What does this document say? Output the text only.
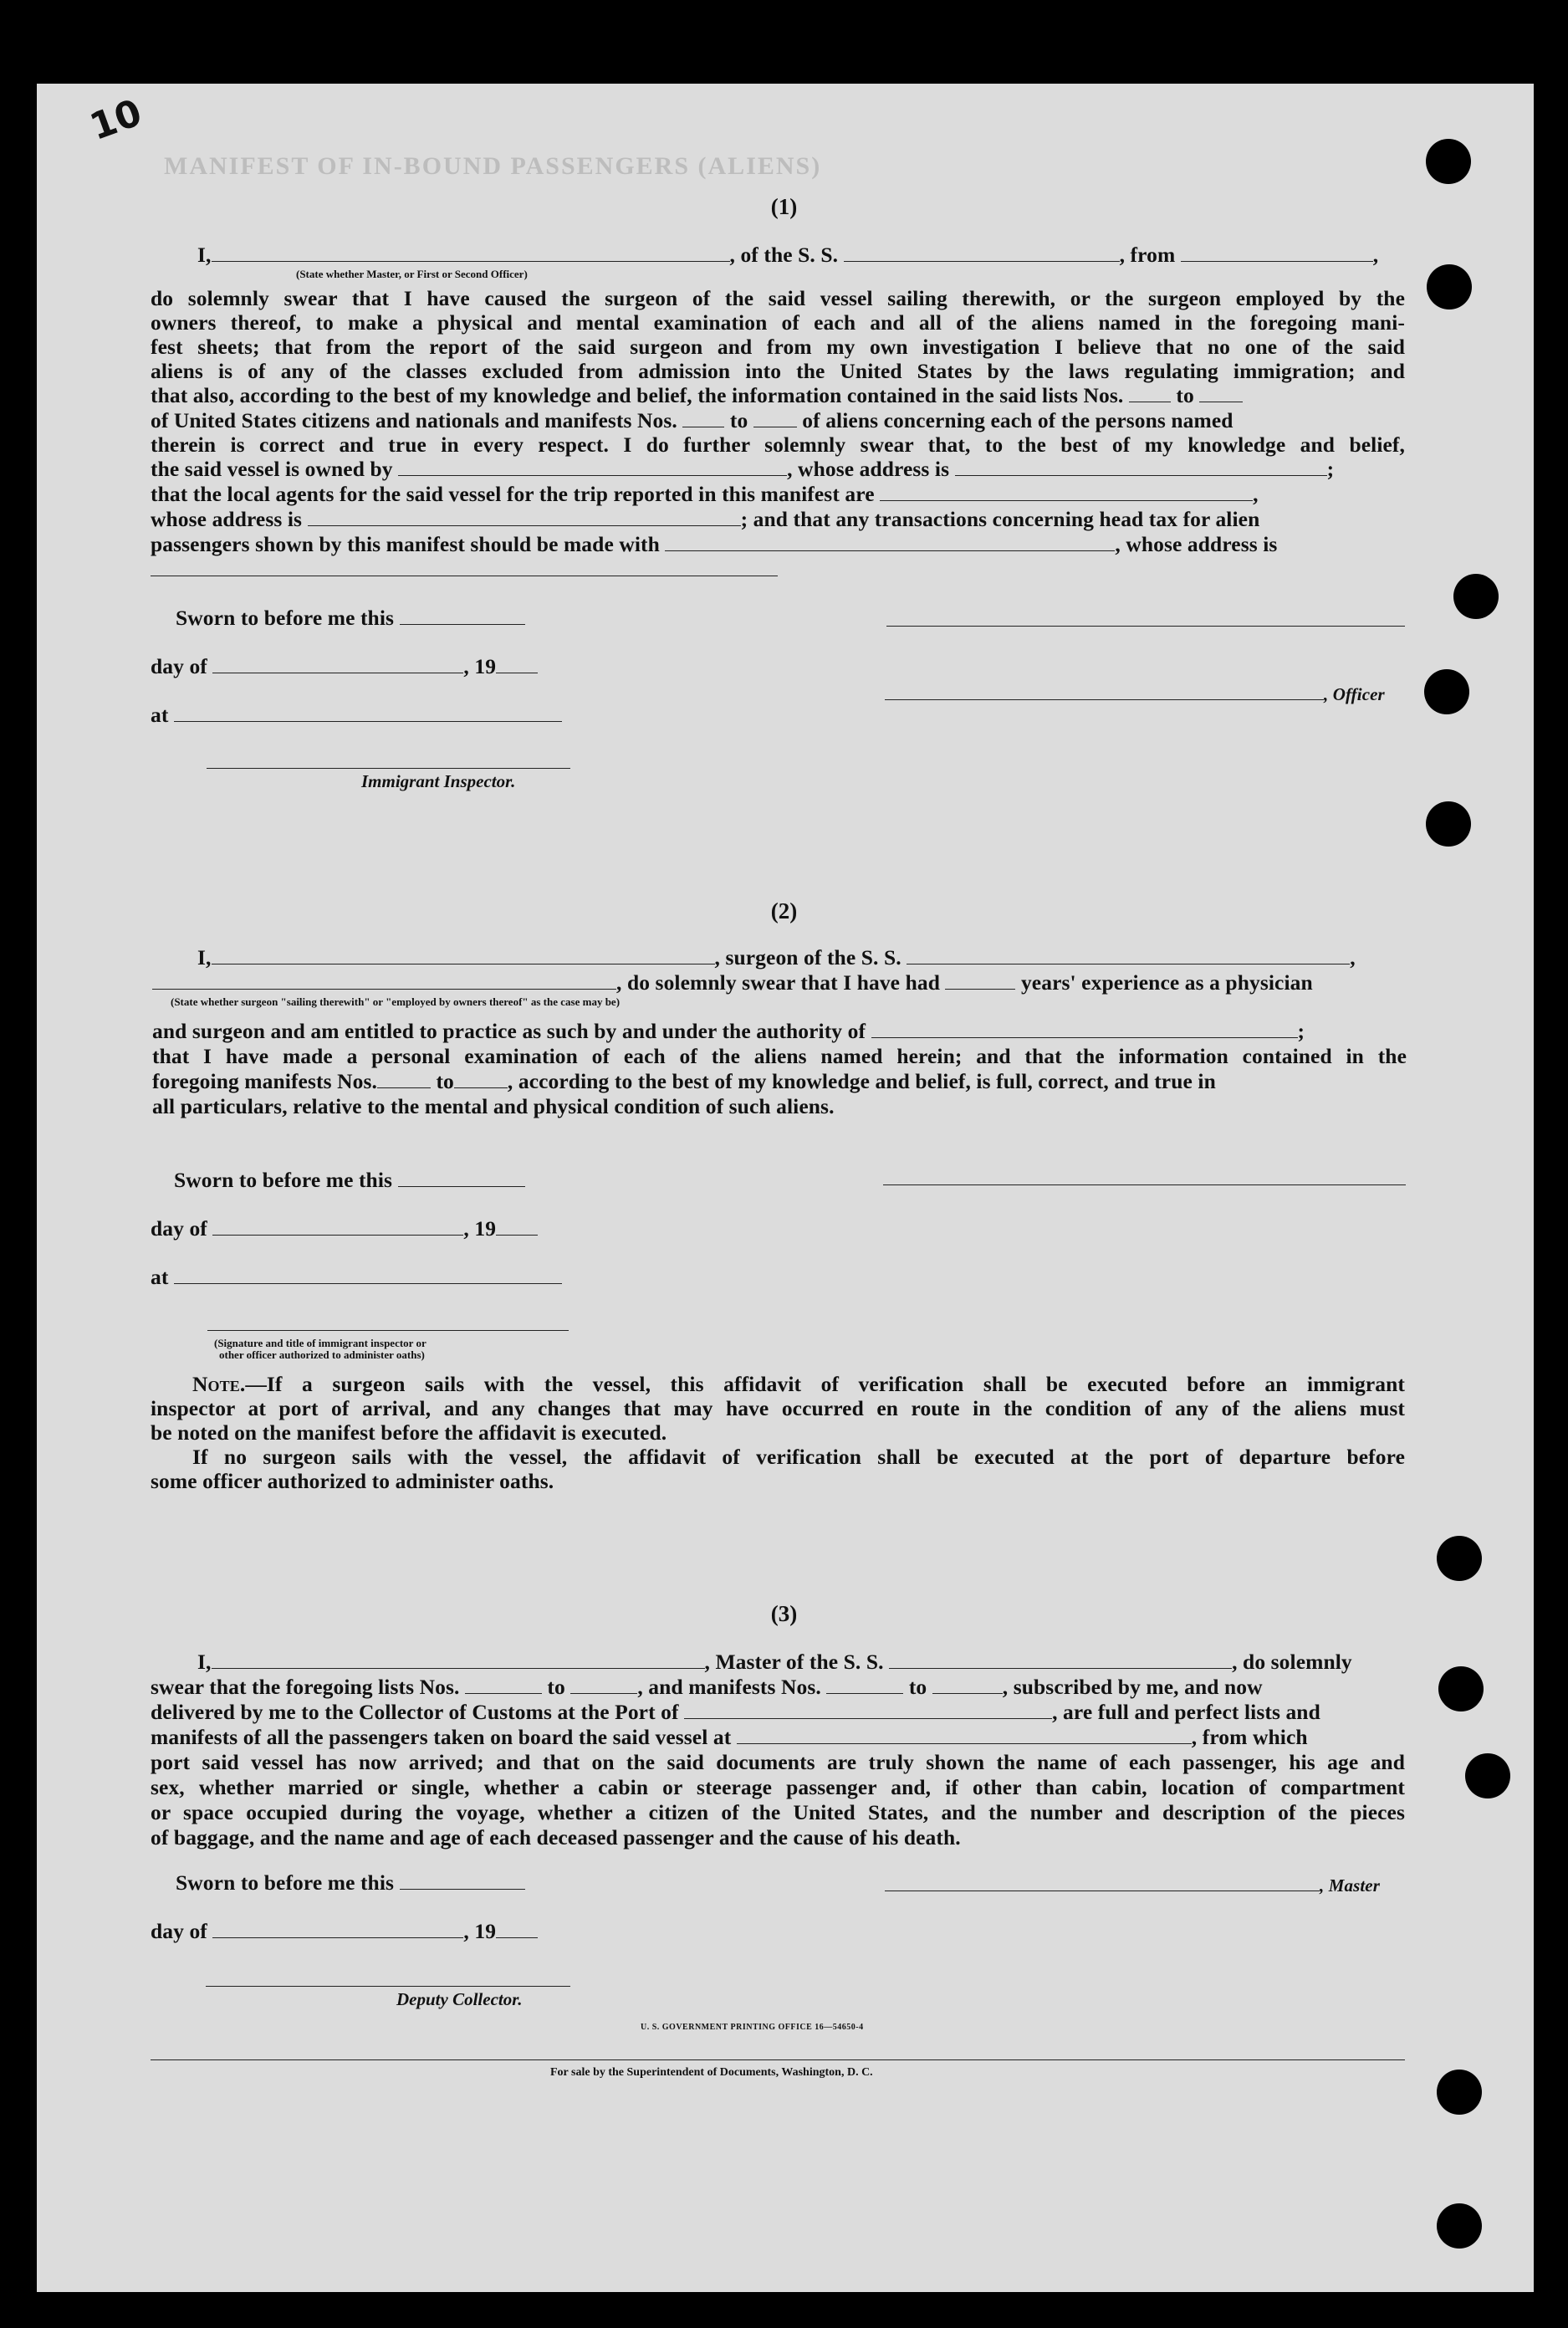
10
MANIFEST OF IN-BOUND PASSENGERS (ALIENS)
(1)
I,	, of the S. S.	, from	,
(State whether Master, or First or Second Officer)
do solemnly swear that I have caused the surgeon of the said vessel sailing therewith, or the surgeon employed by the
owners thereof, to make a physical and mental examination of each and all of the aliens named in the foregoing mani-
fest sheets; that from the report of the said surgeon and from my own investigation I believe that no one of the said
aliens is of any of the classes excluded from admission into the United States by the laws regulating immigration; and
that also, according to the best of my knowledge and belief, the information contained in the said lists Nos. to
of United States citizens and nationals and manifests Nos. to	of aliens concerning each of the persons named
therein is correct and true in every respect. I do further solemnly swear that, to the best of my knowledge and belief,
the said vessel is owned by	, whose address is	;
that the local agents for the said vessel for the trip reported in this manifest are	,
whose address is	; and that any transactions concerning head tax for alien
passengers shown by this manifest should be made with	, whose address is
Sworn to before me this
day of	, 19
, Officer
at
Immigrant Inspector.
(2)
I,	, surgeon of the S. S.	,
, do solemnly swear that I have had	years' experience as a physician
(State whether surgeon "sailing therewith" or "employed by owners thereof" as the case may be)
and surgeon and am entitled to practice as such by and under the authority of	;
that I have made a personal examination of each of the aliens named herein; and that the information contained in the
foregoing manifests Nos.	to	, according to the best of my knowledge and belief, is full, correct, and true in
all particulars, relative to the mental and physical condition of such aliens.
Sworn to before me this
day of	, 19
at
(Signature and title of immigrant inspector or
other officer authorized to administer oaths)
Note.—If a surgeon sails with the vessel, this affidavit of verification shall be executed before an immigrant
inspector at port of arrival, and any changes that may have occurred en route in the condition of any of the aliens must
be noted on the manifest before the affidavit is executed.
If no surgeon sails with the vessel, the affidavit of verification shall be executed at the port of departure before
some officer authorized to administer oaths.
(3)
I,	, Master of the S. S.	, do solemnly
swear that the foregoing lists Nos.	to	, and manifests Nos.	to	, subscribed by me, and now
delivered by me to the Collector of Customs at the Port of	, are full and perfect lists and
manifests of all the passengers taken on board the said vessel at	, from which
port said vessel has now arrived; and that on the said documents are truly shown the name of each passenger, his age and
sex, whether married or single, whether a cabin or steerage passenger and, if other than cabin, location of compartment
or space occupied during the voyage, whether a citizen of the United States, and the number and description of the pieces
of baggage, and the name and age of each deceased passenger and the cause of his death.
Sworn to before me this	, Master
day of	, 19
Deputy Collector.
U. S. GOVERNMENT PRINTING OFFICE 16—54650-4
For sale by the Superintendent of Documents, Washington, D. C.
